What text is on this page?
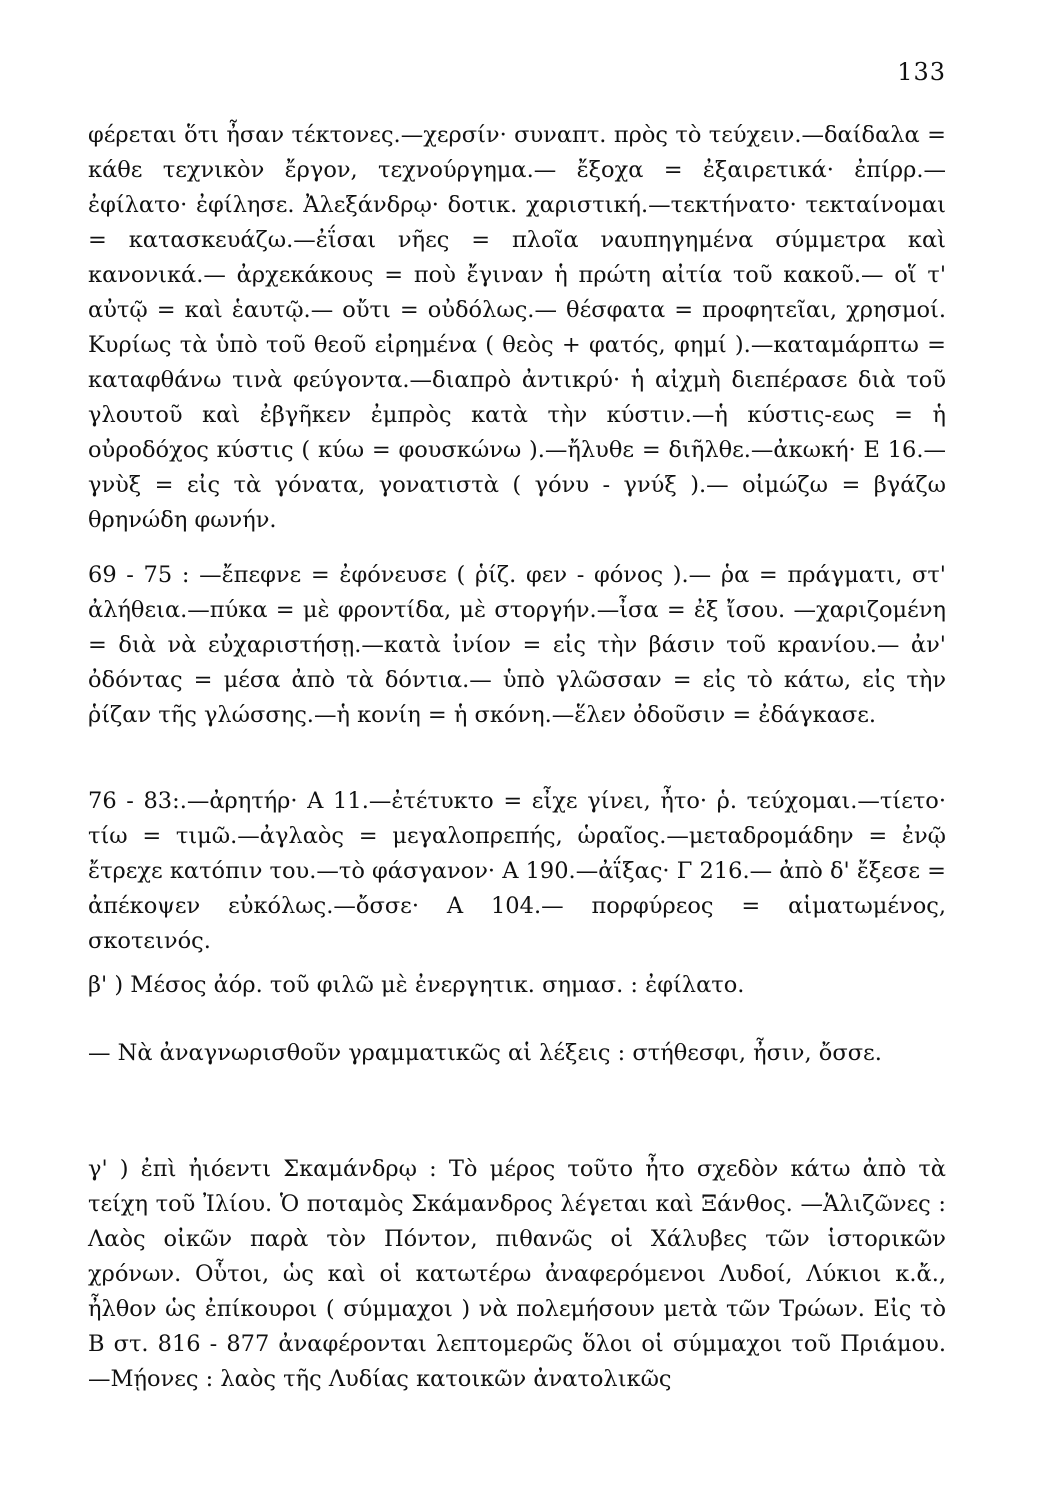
133

φέρεται ὅτι ἦσαν τέκτονες.—χερσίν· συναπτ. πρὸς τὸ τεύχειν.—δαίδαλα = κάθε τεχνικὸν ἔργον, τεχνούργημα.— ἔξοχα = ἐξαιρετικά· ἐπίρρ.—ἐφίλατο· ἐφίλησε. Ἀλεξάνδρῳ· δοτικ. χαριστική.—τεκτήνατο· τεκταίνομαι = κατασκευάζω.—ἐΐσαι νῆες = πλοῖα ναυπηγημένα σύμμετρα καὶ κανονικά.— ἀρχεκάκους = ποὺ ἔγιναν ἡ πρώτη αἰτία τοῦ κακοῦ.— οἵ τ' αὐτῷ = καὶ ἑαυτῷ.— οὔτι = οὐδόλως.— θέσφατα = προφητεῖαι, χρησμοί. Κυρίως τὰ ὑπὸ τοῦ θεοῦ εἰρημένα ( θεὸς + φατός, φημί ).—καταμάρπτω = καταφθάνω τινὰ φεύγοντα.—διαπρὸ ἀντικρύ· ἡ αἰχμὴ διεπέρασε διὰ τοῦ γλουτοῦ καὶ ἐβγῆκεν ἐμπρὸς κατὰ τὴν κύστιν.—ἡ κύστις-εως = ἡ οὐροδόχος κύστις ( κύω = φουσκώνω ).—ἤλυθε = διῆλθε.—ἀκωκή· Ε 16.—γνὺξ = εἰς τὰ γόνατα, γονατιστὰ ( γόνυ - γνύξ ).— οἰμώζω = βγάζω θρηνώδη φωνήν.

69 - 75 : —ἔπεφνε = ἐφόνευσε ( ῥίζ. φεν - φόνος ).— ῥα = πράγματι, στ' ἀλήθεια.—πύκα = μὲ φροντίδα, μὲ στοργήν.—ἶσα = ἐξ ἴσου. —χαριζομένη = διὰ νὰ εὐχαριστήσῃ.—κατὰ ἰνίον = εἰς τὴν βάσιν τοῦ κρανίου.— ἀν' ὀδόντας = μέσα ἀπὸ τὰ δόντια.— ὑπὸ γλῶσσαν = εἰς τὸ κάτω, εἰς τὴν ῥίζαν τῆς γλώσσης.—ἡ κονίη = ἡ σκόνη.—ἕλεν ὀδοῦσιν = ἐδάγκασε.

76 - 83:.—ἀρητήρ· Α 11.—ἐτέτυκτο = εἶχε γίνει, ἦτο· ῥ. τεύχομαι.—τίετο· τίω = τιμῶ.—ἀγλαὸς = μεγαλοπρεπής, ὡραῖος.—μεταδρομάδην = ἐνῷ ἔτρεχε κατόπιν του.—τὸ φάσγανον· Α 190.—ἀΐξας· Γ 216.— ἀπὸ δ' ἔξεσε = ἀπέκοψεν εὐκόλως.—ὄσσε· Α 104.— πορφύρεος = αἱματωμένος, σκοτεινός.

β' ) Μέσος ἀόρ. τοῦ φιλῶ μὲ ἐνεργητικ. σημασ. : ἐφίλατο.

— Νὰ ἀναγνωρισθοῦν γραμματικῶς αἱ λέξεις : στήθεσφι, ἦσιν, ὄσσε.

γ' ) ἐπὶ ἠιόεντι Σκαμάνδρῳ : Τὸ μέρος τοῦτο ἦτο σχεδὸν κάτω ἀπὸ τὰ τείχη τοῦ Ἰλίου. Ὁ ποταμὸς Σκάμανδρος λέγεται καὶ Ξάνθος. —Ἁλιζῶνες : Λαὸς οἰκῶν παρὰ τὸν Πόντον, πιθανῶς οἱ Χάλυβες τῶν ἱστορικῶν χρόνων. Οὗτοι, ὡς καὶ οἱ κατωτέρω ἀναφερόμενοι Λυδοί, Λύκιοι κ.ἄ., ἦλθον ὡς ἐπίκουροι ( σύμμαχοι ) νὰ πολεμήσουν μετὰ τῶν Τρώων. Εἰς τὸ Β στ. 816 - 877 ἀναφέρονται λεπτομερῶς ὅλοι οἱ σύμμαχοι τοῦ Πριάμου.—Μῄονες : λαὸς τῆς Λυδίας κατοικῶν ἀνατολικῶς
